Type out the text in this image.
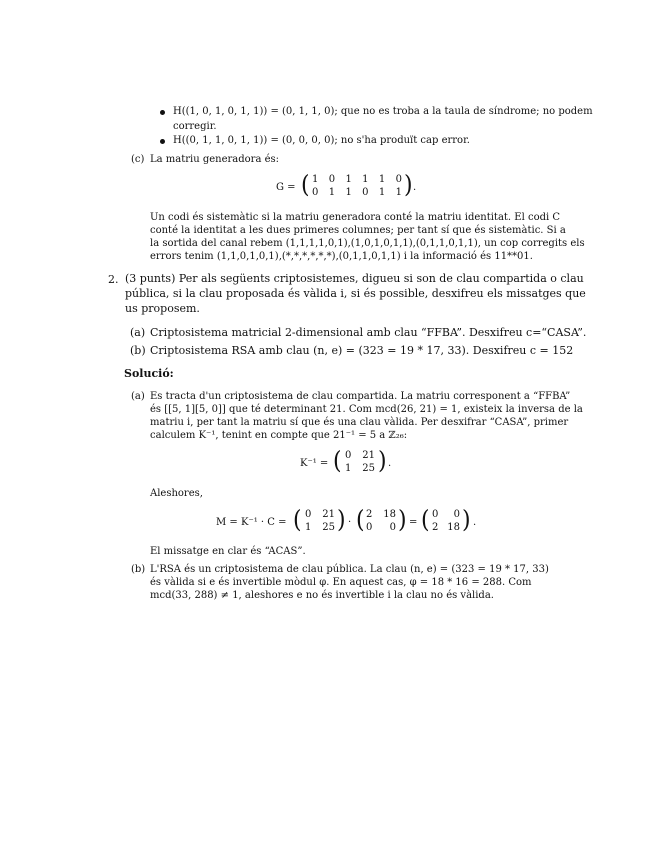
H((1, 0, 1, 0, 1, 1)) = (0, 1, 1, 0); que no es troba a la taula de síndrome; no podem
corregir.
H((0, 1, 1, 0, 1, 1)) = (0, 0, 0, 0); no s'ha produït cap error.
(c) La matriu generadora és:
G = ( 1 0 1 1 1 0
0 1 1 0 1 1 ) .
Un codi és sistemàtic si la matriu generadora conté la matriu identitat. El codi C
conté la identitat a les dues primeres columnes; per tant sí que és sistemàtic. Si a
la sortida del canal rebem (1,1,1,1,0,1),(1,0,1,0,1,1),(0,1,1,0,1,1), un cop corregits els
errors tenim (1,1,0,1,0,1),(*,*,*,*,*,*),(0,1,1,0,1,1) i la informació és 11**01.
2. (3 punts) Per als següents criptosistemes, digueu si son de clau compartida o clau
pública, si la clau proposada és vàlida i, si és possible, desxifreu els missatges que
us proposem.
(a) Criptosistema matricial 2-dimensional amb clau “FFBA”. Desxifreu c=“CASA”.
(b) Criptosistema RSA amb clau (n, e) = (323 = 19 * 17, 33). Desxifreu c = 152
Solució:
(a) Es tracta d'un criptosistema de clau compartida. La matriu corresponent a “FFBA”
és [[5, 1][5, 0]] que té determinant 21. Com mcd(26, 21) = 1, existeix la inversa de la
matriu i, per tant la matriu sí que és una clau vàlida. Per desxifrar “CASA”, primer
calculem K⁻¹, tenint en compte que 21⁻¹ = 5 a ℤ₂₆:
K⁻¹ = ( 0 21
1 25 ) .
Aleshores,
M = K⁻¹ · C = ( 0 21
1 25 ) · ( 2 18
0 0 ) = ( 0 0
2 18 ) .
El missatge en clar és “ACAS”.
(b) L'RSA és un criptosistema de clau pública. La clau (n, e) = (323 = 19 * 17, 33)
és vàlida si e és invertible mòdul φ. En aquest cas, φ = 18 * 16 = 288. Com
mcd(33, 288) ≠ 1, aleshores e no és invertible i la clau no és vàlida.
